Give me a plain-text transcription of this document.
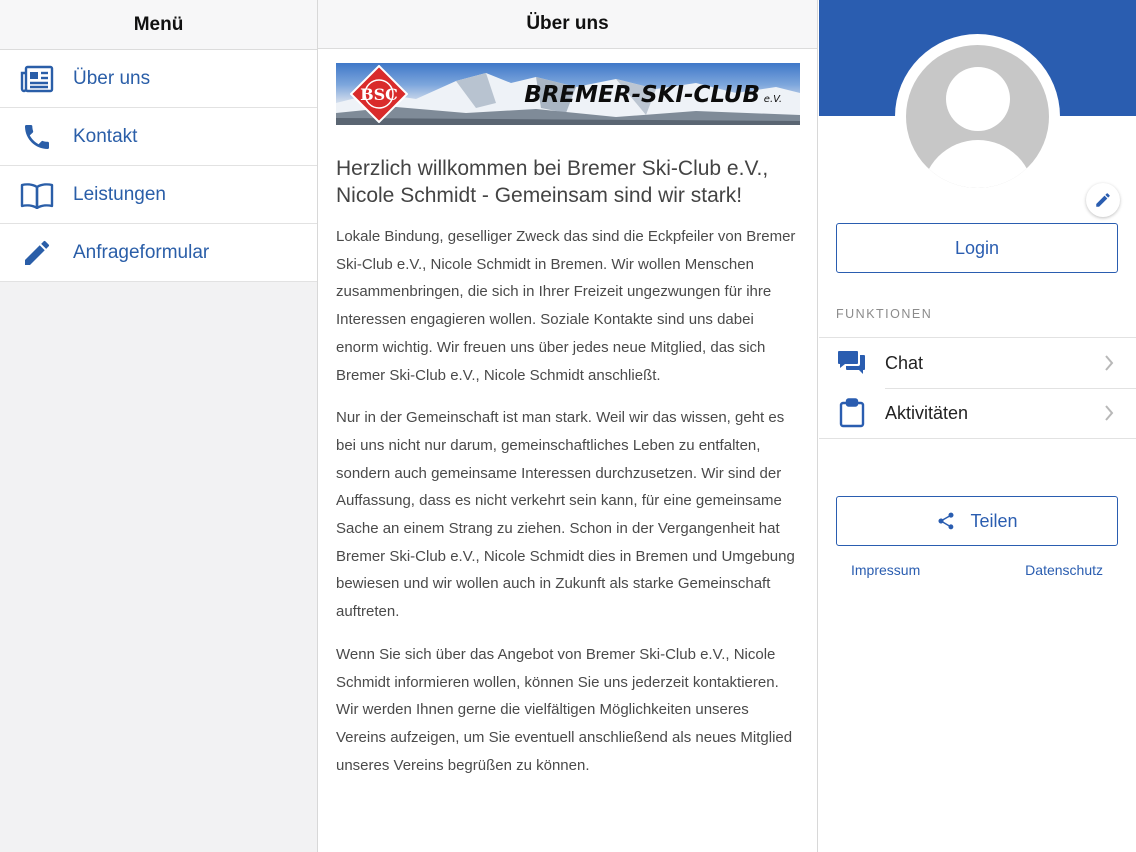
Menü
Über uns
Kontakt
Leistungen
Anfrageformular
Über uns
BSC	BREMER-SKI-CLUB e.V.
Herzlich willkommen bei Bremer Ski-Club e.V., Nicole Schmidt - Gemeinsam sind wir stark!

Lokale Bindung, geselliger Zweck das sind die Eckpfeiler von Bremer Ski-Club e.V., Nicole Schmidt in Bremen. Wir wollen Menschen zusammenbringen, die sich in Ihrer Freizeit ungezwungen für ihre Interessen engagieren wollen. Soziale Kontakte sind uns dabei enorm wichtig. Wir freuen uns über jedes neue Mitglied, das sich Bremer Ski-Club e.V., Nicole Schmidt anschließt.

Nur in der Gemeinschaft ist man stark. Weil wir das wissen, geht es bei uns nicht nur darum, gemeinschaftliches Leben zu entfalten, sondern auch gemeinsame Interessen durchzusetzen. Wir sind der Auffassung, dass es nicht verkehrt sein kann, für eine gemeinsame Sache an einem Strang zu ziehen. Schon in der Vergangenheit hat Bremer Ski-Club e.V., Nicole Schmidt dies in Bremen und Umgebung bewiesen und wir wollen auch in Zukunft als starke Gemeinschaft auftreten.

Wenn Sie sich über das Angebot von Bremer Ski-Club e.V., Nicole Schmidt informieren wollen, können Sie uns jederzeit kontaktieren. Wir werden Ihnen gerne die vielfältigen Möglichkeiten unseres Vereins aufzeigen, um Sie eventuell anschließend als neues Mitglied unseres Vereins begrüßen zu können.

Login
FUNKTIONEN
Chat
Aktivitäten
Teilen
Impressum	Datenschutz
